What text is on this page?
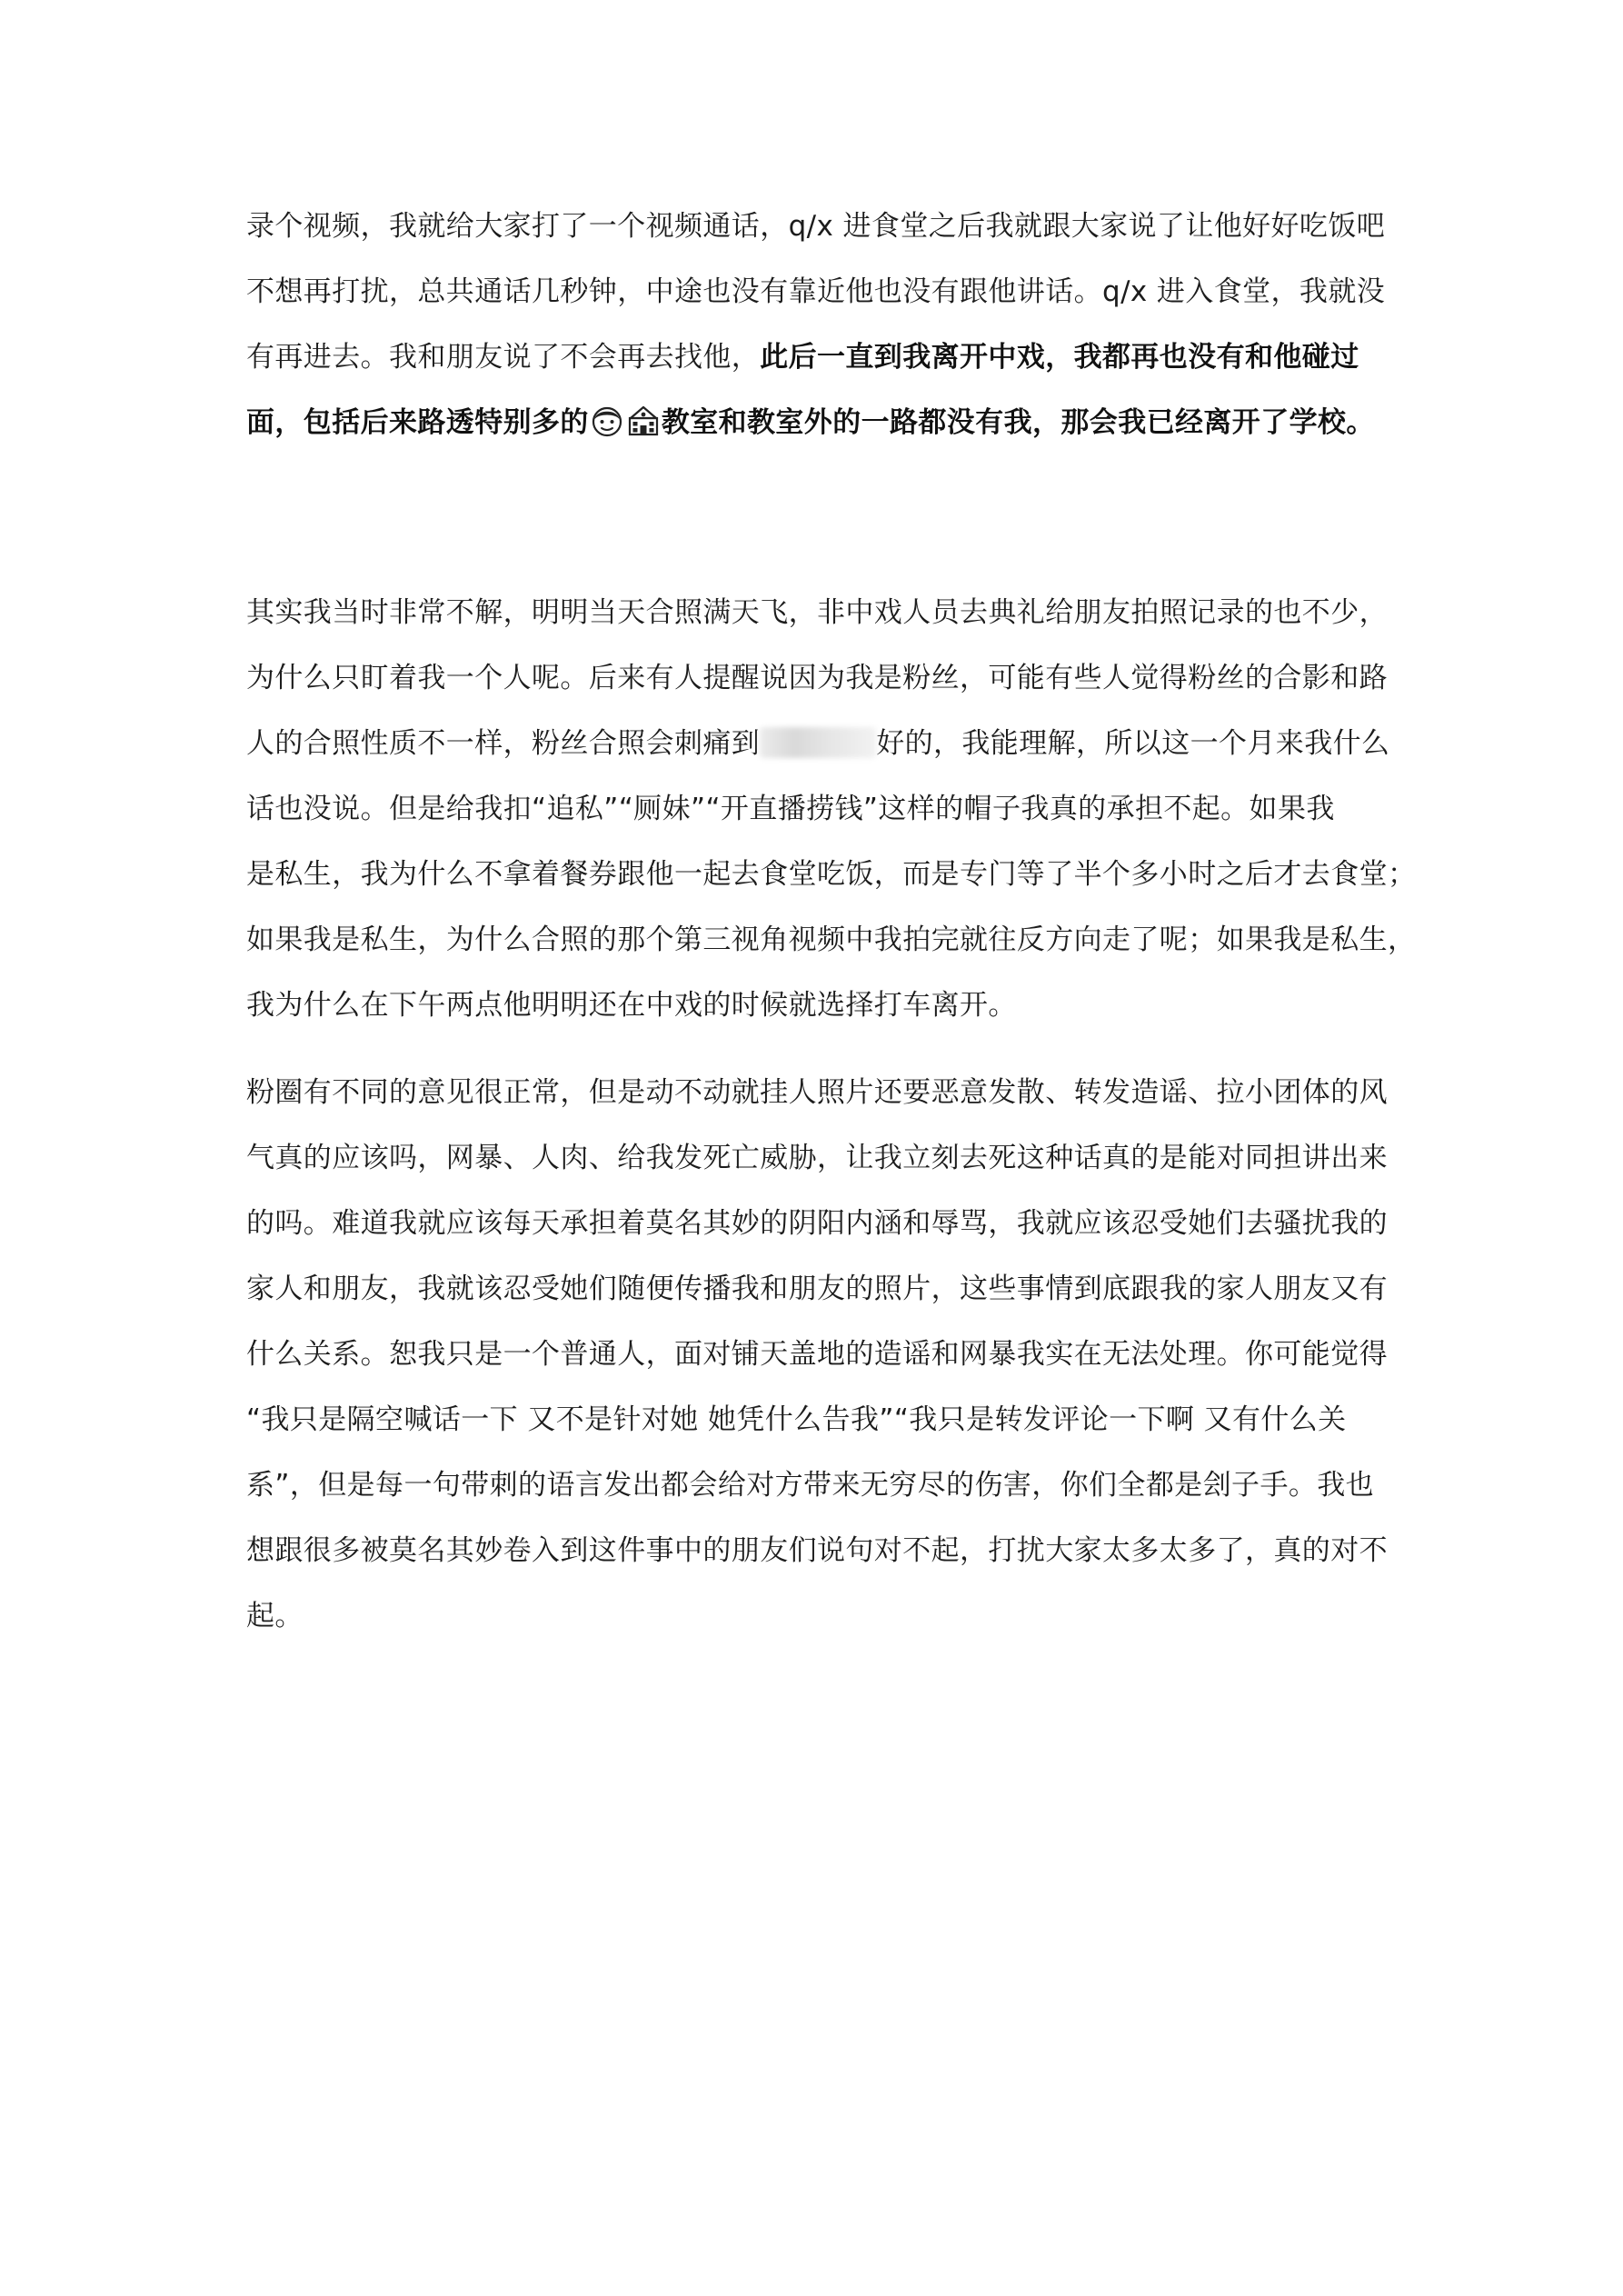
录个视频，我就给大家打了一个视频通话，q/x 进食堂之后我就跟大家说了让他好好吃饭吧
不想再打扰，总共通话几秒钟，中途也没有靠近他也没有跟他讲话。q/x 进入食堂，我就没
有再进去。我和朋友说了不会再去找他，此后一直到我离开中戏，我都再也没有和他碰过
面，包括后来路透特别多的	教室和教室外的一路都没有我，那会我已经离开了学校。
其实我当时非常不解，明明当天合照满天飞，非中戏人员去典礼给朋友拍照记录的也不少，
为什么只盯着我一个人呢。后来有人提醒说因为我是粉丝，可能有些人觉得粉丝的合影和路
人的合照性质不一样，粉丝合照会刺痛到	好的，我能理解，所以这一个月来我什么
话也没说。但是给我扣“追私”“厕妹”“开直播捞钱”这样的帽子我真的承担不起。如果我
是私生，我为什么不拿着餐券跟他一起去食堂吃饭，而是专门等了半个多小时之后才去食堂；
如果我是私生，为什么合照的那个第三视角视频中我拍完就往反方向走了呢；如果我是私生，
我为什么在下午两点他明明还在中戏的时候就选择打车离开。
粉圈有不同的意见很正常，但是动不动就挂人照片还要恶意发散、转发造谣、拉小团体的风
气真的应该吗，网暴、人肉、给我发死亡威胁，让我立刻去死这种话真的是能对同担讲出来
的吗。难道我就应该每天承担着莫名其妙的阴阳内涵和辱骂，我就应该忍受她们去骚扰我的
家人和朋友，我就该忍受她们随便传播我和朋友的照片，这些事情到底跟我的家人朋友又有
什么关系。恕我只是一个普通人，面对铺天盖地的造谣和网暴我实在无法处理。你可能觉得
“我只是隔空喊话一下 又不是针对她 她凭什么告我”“我只是转发评论一下啊 又有什么关
系”，但是每一句带刺的语言发出都会给对方带来无穷尽的伤害，你们全都是刽子手。我也
想跟很多被莫名其妙卷入到这件事中的朋友们说句对不起，打扰大家太多太多了，真的对不
起。
